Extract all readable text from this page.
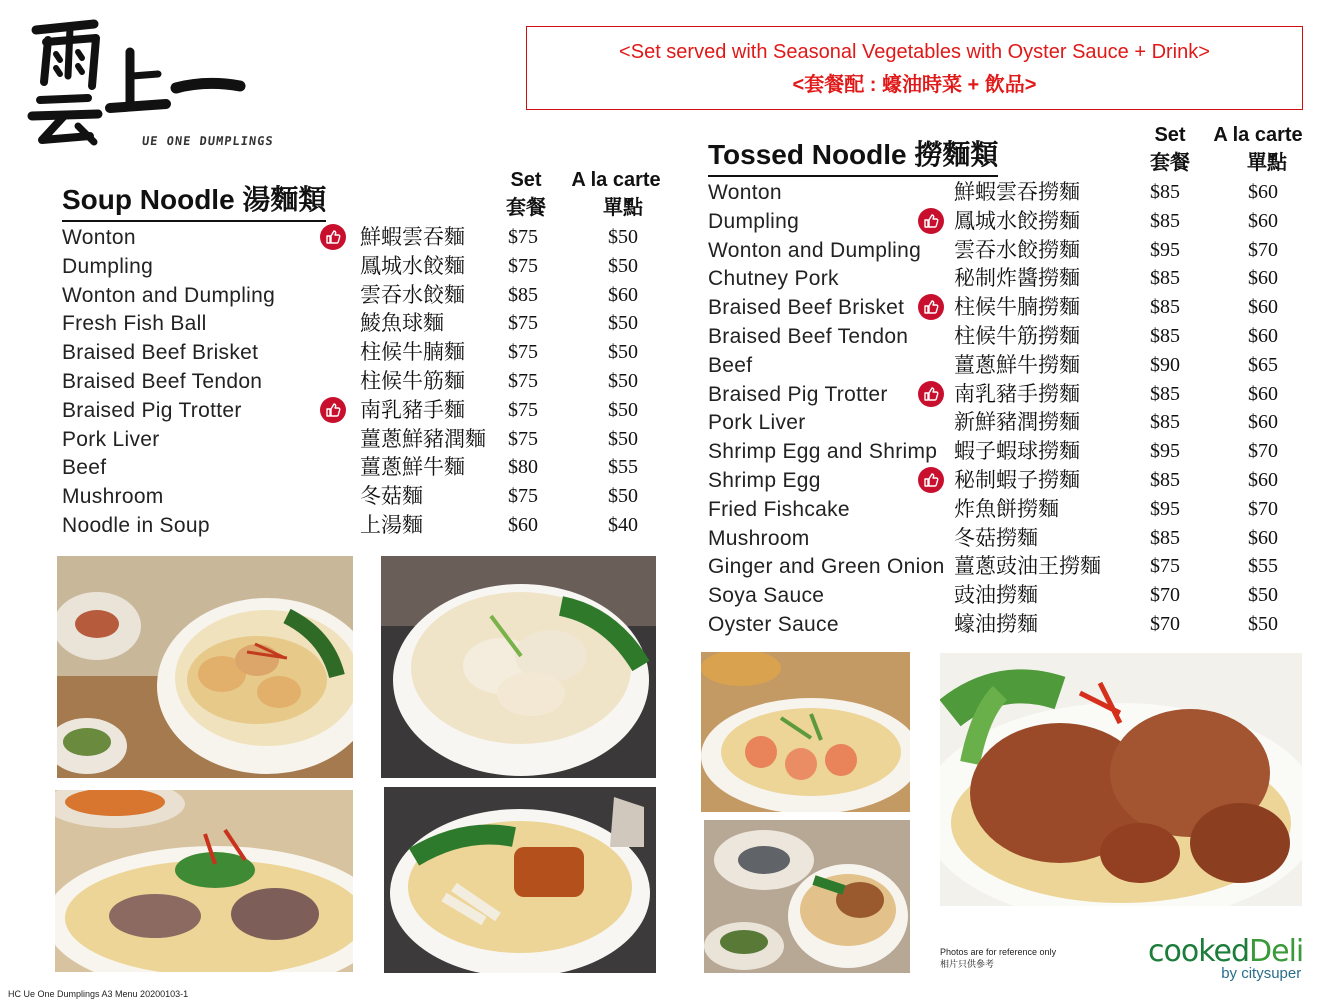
UE ONE DUMPLINGS
<Set served with Seasonal Vegetables with Oyster Sauce + Drink>
<套餐配 : 蠔油時菜 + 飲品>
Soup Noodle 湯麵類
Set
套餐
A la carte
單點
Wonton	鮮蝦雲吞麵 $75	$50
Dumpling	鳳城水餃麵 $75	$50
Wonton and Dumpling	雲吞水餃麵 $85	$60
Fresh Fish Ball	鯪魚球麵	$75	$50
Braised Beef Brisket	柱候牛腩麵 $75	$50
Braised Beef Tendon	柱候牛筋麵 $75	$50
Braised Pig Trotter	南乳豬手麵 $75	$50
Pork Liver	薑蔥鮮豬潤麵 $75	$50
Beef	薑蔥鮮牛麵 $80	$55
Mushroom	冬菇麵	$75	$50
Noodle in Soup	上湯麵	$60	$40
Tossed Noodle 撈麵類
Set
套餐
A la carte
單點
Wonton	鮮蝦雲吞撈麵	$85	$60
Dumpling	鳳城水餃撈麵	$85	$60
Wonton and Dumpling 雲吞水餃撈麵	$95	$70
Chutney Pork	秘制炸醬撈麵	$85	$60
Braised Beef Brisket 柱候牛腩撈麵	$85	$60
Braised Beef Tendon 柱候牛筋撈麵	$85	$60
Beef	薑蔥鮮牛撈麵	$90	$65
Braised Pig Trotter	南乳豬手撈麵	$85	$60
Pork Liver	新鮮豬潤撈麵	$85	$60
Shrimp Egg and Shrimp 蝦子蝦球撈麵	$95	$70
Shrimp Egg	秘制蝦子撈麵	$85	$60
Fried Fishcake	炸魚餅撈麵	$95	$70
Mushroom	冬菇撈麵	$85	$60
Ginger and Green Onion 薑蔥豉油王撈麵 $75	$55
Soya Sauce	豉油撈麵	$70	$50
Oyster Sauce	蠔油撈麵	$70	$50
Photos are for reference only
相片只供參考	cookedDeli
by citysuper
HC Ue One Dumplings A3 Menu 20200103-1
